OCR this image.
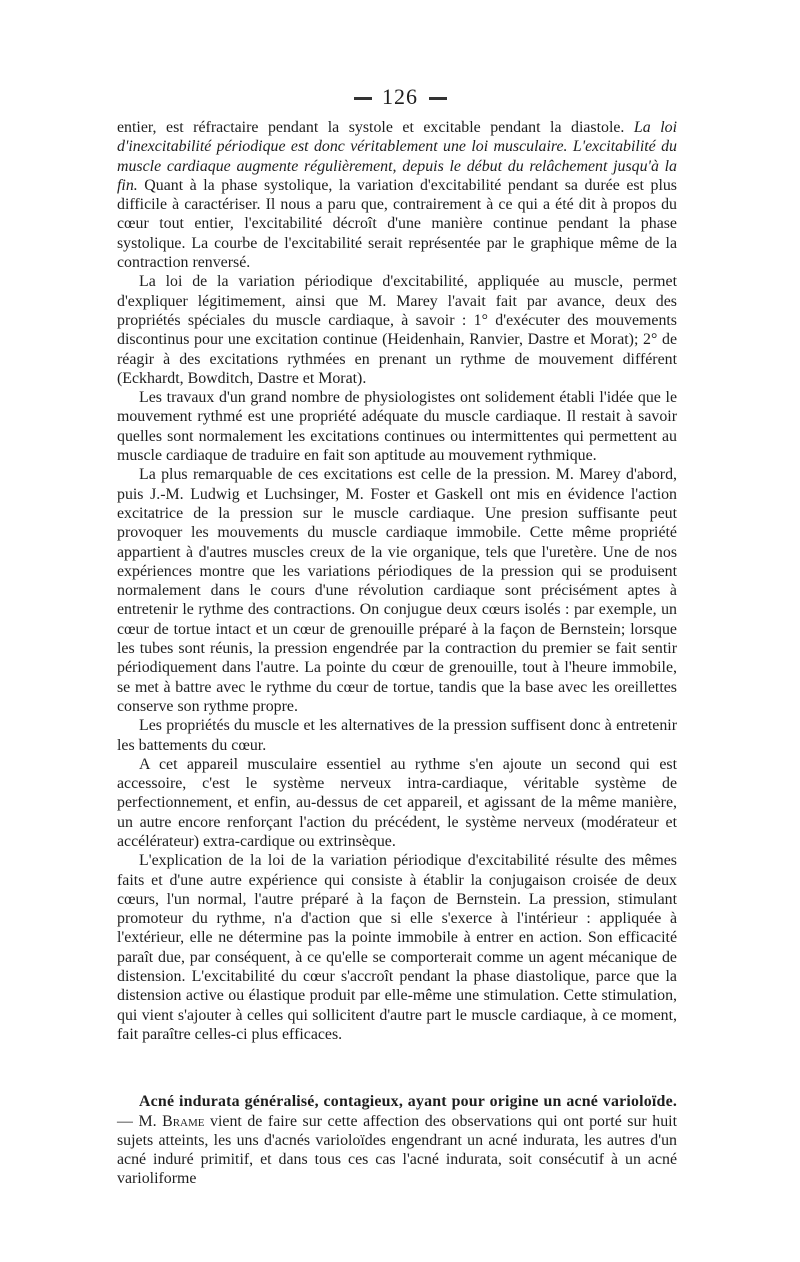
126

entier, est réfractaire pendant la systole et excitable pendant la diastole. La loi d'inexcitabilité périodique est donc véritablement une loi musculaire. L'excitabilité du muscle cardiaque augmente régulièrement, depuis le début du relâchement jusqu'à la fin. Quant à la phase systolique, la variation d'excitabilité pendant sa durée est plus difficile à caractériser. Il nous a paru que, contrairement à ce qui a été dit à propos du cœur tout entier, l'excitabilité décroît d'une manière continue pendant la phase systolique. La courbe de l'excitabilité serait représentée par le graphique même de la contraction renversé.

La loi de la variation périodique d'excitabilité, appliquée au muscle, permet d'expliquer légitimement, ainsi que M. Marey l'avait fait par avance, deux des propriétés spéciales du muscle cardiaque, à savoir : 1° d'exécuter des mouvements discontinus pour une excitation continue (Heidenhain, Ranvier, Dastre et Morat); 2° de réagir à des excitations rythmées en prenant un rythme de mouvement différent (Eckhardt, Bowditch, Dastre et Morat).

Les travaux d'un grand nombre de physiologistes ont solidement établi l'idée que le mouvement rythmé est une propriété adéquate du muscle cardiaque. Il restait à savoir quelles sont normalement les excitations continues ou intermittentes qui permettent au muscle cardiaque de traduire en fait son aptitude au mouvement rythmique.

La plus remarquable de ces excitations est celle de la pression. M. Marey d'abord, puis J.-M. Ludwig et Luchsinger, M. Foster et Gaskell ont mis en évidence l'action excitatrice de la pression sur le muscle cardiaque. Une presion suffisante peut provoquer les mouvements du muscle cardiaque immobile. Cette même propriété appartient à d'autres muscles creux de la vie organique, tels que l'uretère. Une de nos expériences montre que les variations périodiques de la pression qui se produisent normalement dans le cours d'une révolution cardiaque sont précisément aptes à entretenir le rythme des contractions. On conjugue deux cœurs isolés : par exemple, un cœur de tortue intact et un cœur de grenouille préparé à la façon de Bernstein; lorsque les tubes sont réunis, la pression engendrée par la contraction du premier se fait sentir périodiquement dans l'autre. La pointe du cœur de grenouille, tout à l'heure immobile, se met à battre avec le rythme du cœur de tortue, tandis que la base avec les oreillettes conserve son rythme propre.

Les propriétés du muscle et les alternatives de la pression suffisent donc à entretenir les battements du cœur.

A cet appareil musculaire essentiel au rythme s'en ajoute un second qui est accessoire, c'est le système nerveux intra-cardiaque, véritable système de perfectionnement, et enfin, au-dessus de cet appareil, et agissant de la même manière, un autre encore renforçant l'action du précédent, le système nerveux (modérateur et accélérateur) extra-cardique ou extrinsèque.

L'explication de la loi de la variation périodique d'excitabilité résulte des mêmes faits et d'une autre expérience qui consiste à établir la conjugaison croisée de deux cœurs, l'un normal, l'autre préparé à la façon de Bernstein. La pression, stimulant promoteur du rythme, n'a d'action que si elle s'exerce à l'intérieur : appliquée à l'extérieur, elle ne détermine pas la pointe immobile à entrer en action. Son efficacité paraît due, par conséquent, à ce qu'elle se comporterait comme un agent mécanique de distension. L'excitabilité du cœur s'accroît pendant la phase diastolique, parce que la distension active ou élastique produit par elle-même une stimulation. Cette stimulation, qui vient s'ajouter à celles qui sollicitent d'autre part le muscle cardiaque, à ce moment, fait paraître celles-ci plus efficaces.

Acné indurata généralisé, contagieux, ayant pour origine un acné varioloïde. — M. Brame vient de faire sur cette affection des observations qui ont porté sur huit sujets atteints, les uns d'acnés varioloïdes engendrant un acné indurata, les autres d'un acné induré primitif, et dans tous ces cas l'acné indurata, soit consécutif à un acné varioliforme
